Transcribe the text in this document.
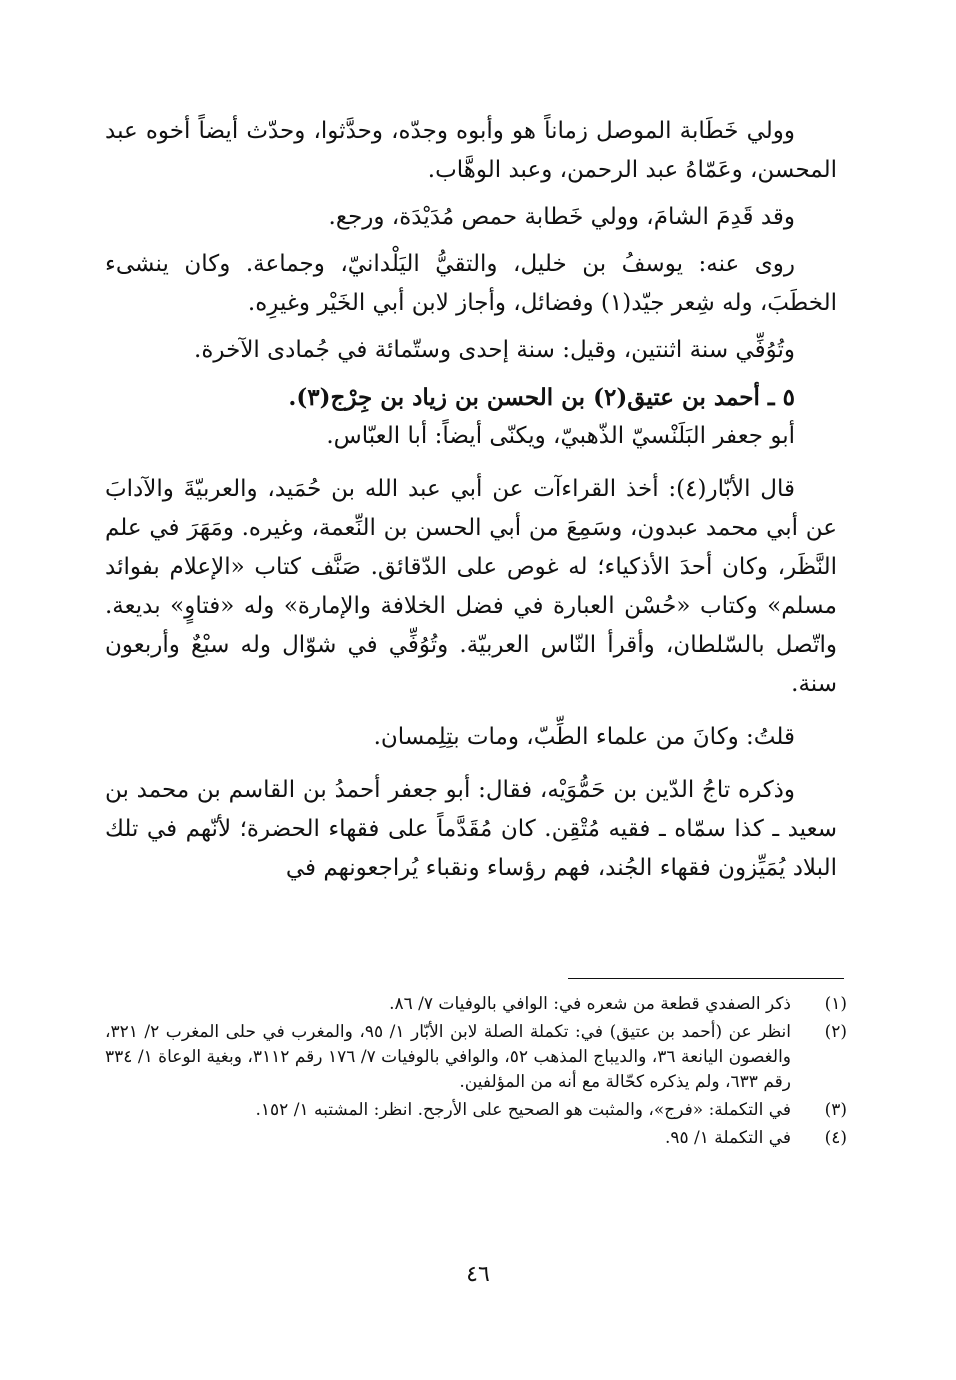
وولي خَطَابة الموصل زماناً هو وأبوه وجدّه، وحدَّثوا، وحدّث أيضاً أخوه عبد المحسن، وعَمّاهُ عبد الرحمن، وعبد الوهَّاب.

وقد قَدِمَ الشامَ، وولي خَطابة حمص مُدَيْدَة، ورجع.

روى عنه: يوسفُ بن خليل، والتقيُّ اليَلْدانيّ، وجماعة. وكان ينشىء الخطَبَ، وله شِعر جيّد(١) وفضائل، وأجاز لابن أبي الخَيْر وغيرِه.

وتُوُفِّي سنة اثنتين، وقيل: سنة إحدى وستّمائة في جُمادى الآخرة.

٥ ـ أحمد بن عتيق(٢) بن الحسن بن زياد بن جِرْج(٣).

أبو جعفر البَلَنْسيّ الذّهبيّ، ويكنّى أيضاً: أبا العبّاس.

قال الأبّار(٤): أخذ القراءآت عن أبي عبد الله بن حُمَيد، والعربيّةَ والآدابَ عن أبي محمد عبدون، وسَمِعَ من أبي الحسن بن النِّعمة، وغيره. ومَهَرَ في علم النَّظَر، وكان أحدَ الأذكياء؛ له غوص على الدّقائق. صَنَّف كتاب «الإعلام بفوائد مسلم» وكتاب «حُسْن العبارة في فضل الخلافة والإمارة» وله «فتاوٍ» بديعة. واتّصل بالسّلطان، وأقرأ النّاس العربيّة. وتُوُفِّي في شوّال وله سبْعٌ وأربعون سنة.

قلتُ: وكانَ من علماء الطِّبّ، ومات بتِلِمسان.

وذكره تاجُ الدّين بن حَمُّوَيْه، فقال: أبو جعفر أحمدُ بن القاسم بن محمد بن سعيد ـ كذا سمّاه ـ فقيه مُتْقِن. كان مُقَدَّماً على فقهاء الحضرة؛ لأنّهم في تلك البلاد يُمَيِّزون فقهاء الجُند، فهم رؤساء ونقباء يُراجعونهم في

(١)
ذكر الصفدي قطعة من شعره في: الوافي بالوفيات ٧/ ٨٦.
(٢)
انظر عن (أحمد بن عتيق) في: تكملة الصلة لابن الأبّار ١/ ٩٥، والمغرب في حلى المغرب ٢/ ٣٢١، والغصون اليانعة ٣٦، والديباج المذهب ٥٢، والوافي بالوفيات ٧/ ١٧٦ رقم ٣١١٢، وبغية الوعاة ١/ ٣٣٤ رقم ٦٣٣، ولم يذكره كحّالة مع أنه من المؤلفين.
(٣)
في التكملة: «فرج»، والمثبت هو الصحيح على الأرجح. انظر: المشتبه ١/ ١٥٢.
(٤)
في التكملة ١/ ٩٥.
٤٦
